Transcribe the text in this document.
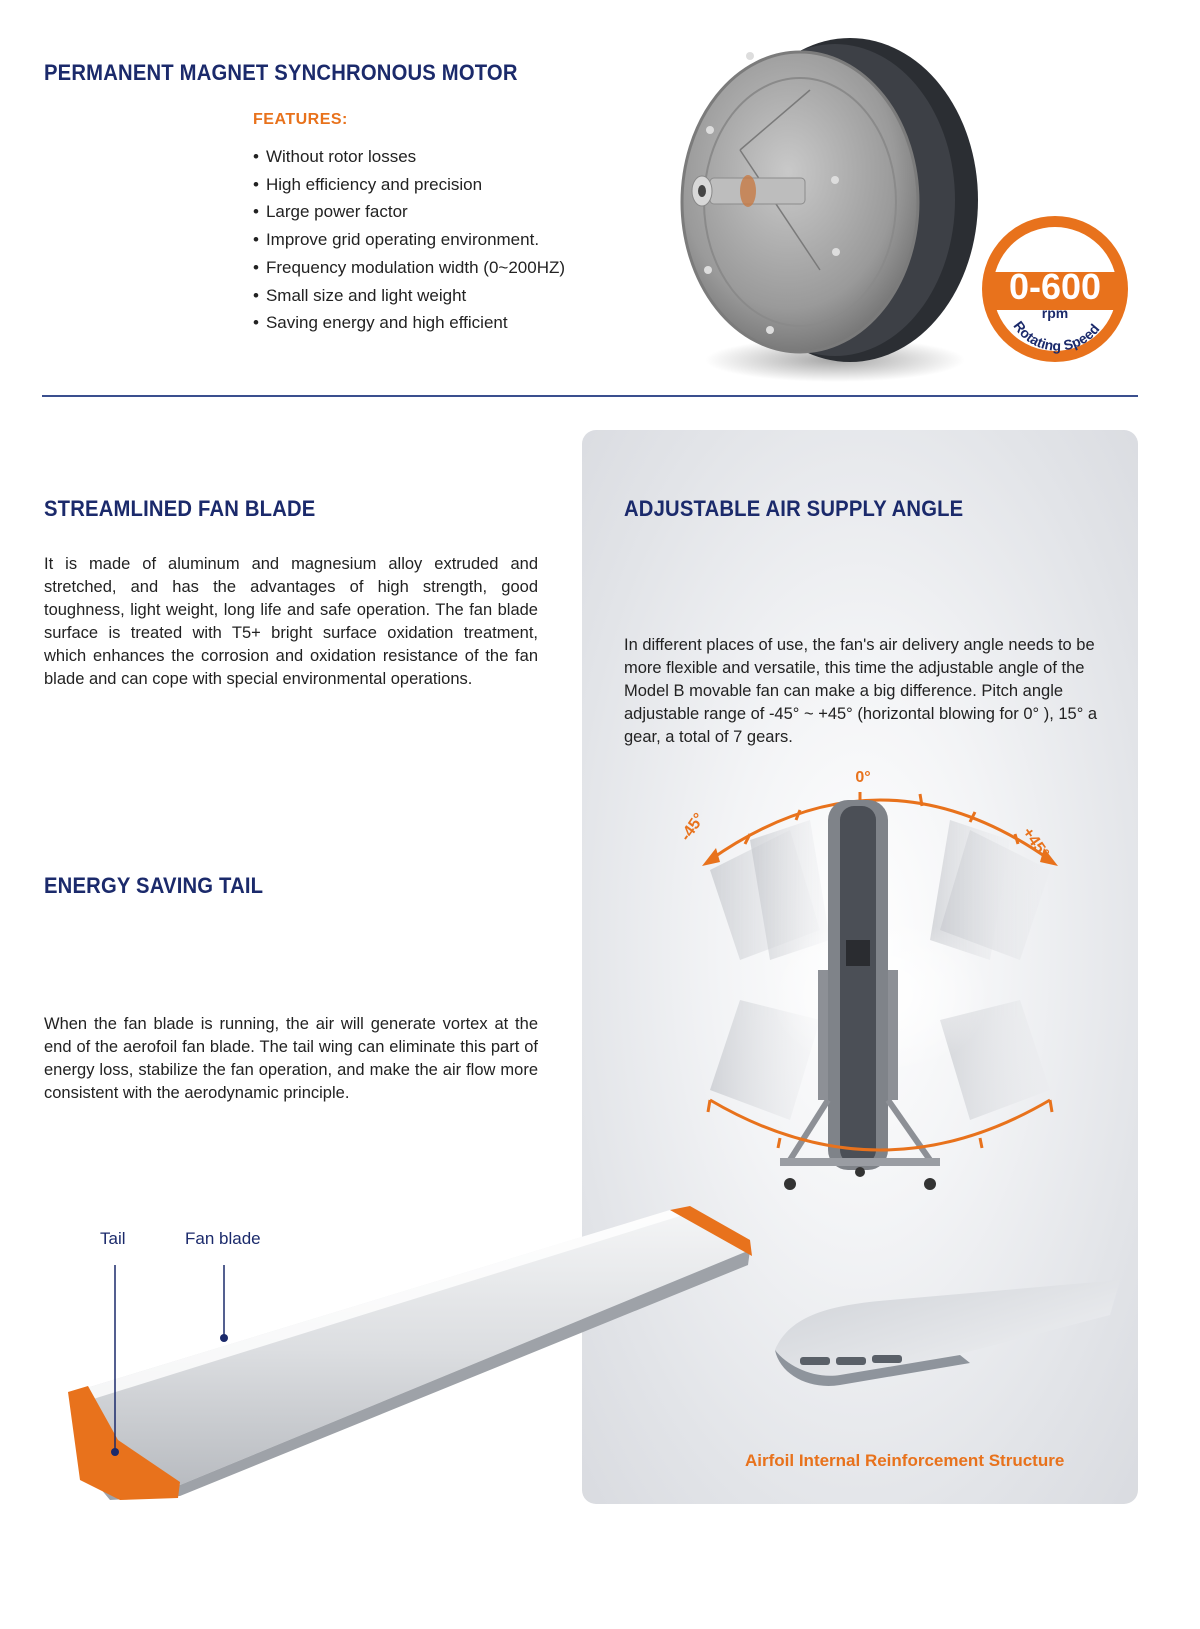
PERMANENT MAGNET SYNCHRONOUS MOTOR
FEATURES:
• Without rotor losses
• High efficiency and precision
• Large power factor
• Improve grid operating environment.
• Frequency modulation width (0~200HZ)
• Small size and light weight
• Saving energy and high efficient
0-600
rpm
Rotating Speed
ADJUSTABLE AIR SUPPLY ANGLE

In different places of use, the fan's air delivery angle needs to be more flexible and versatile, this time the adjustable angle of the Model B movable fan can make a big difference. Pitch angle adjustable range of -45° ~ +45° (horizontal blowing for 0° ), 15° a gear, a total of 7 gears.

0°
-45°	+45°
Airfoil Internal Reinforcement Structure
STREAMLINED FAN BLADE

It is made of aluminum and magnesium alloy extruded and stretched, and has the advantages of high strength, good toughness, light weight, long life and safe operation. The fan blade surface is treated with T5+ bright surface oxidation treatment, which enhances the corrosion and oxidation resistance of the fan blade and can cope with special environmental operations.

ENERGY SAVING TAIL

When the fan blade is running, the air will generate vortex at the end of the aerofoil fan blade. The tail wing can eliminate this part of energy loss, stabilize the fan operation, and make the air flow more consistent with the aerodynamic principle.

Tail	Fan blade
